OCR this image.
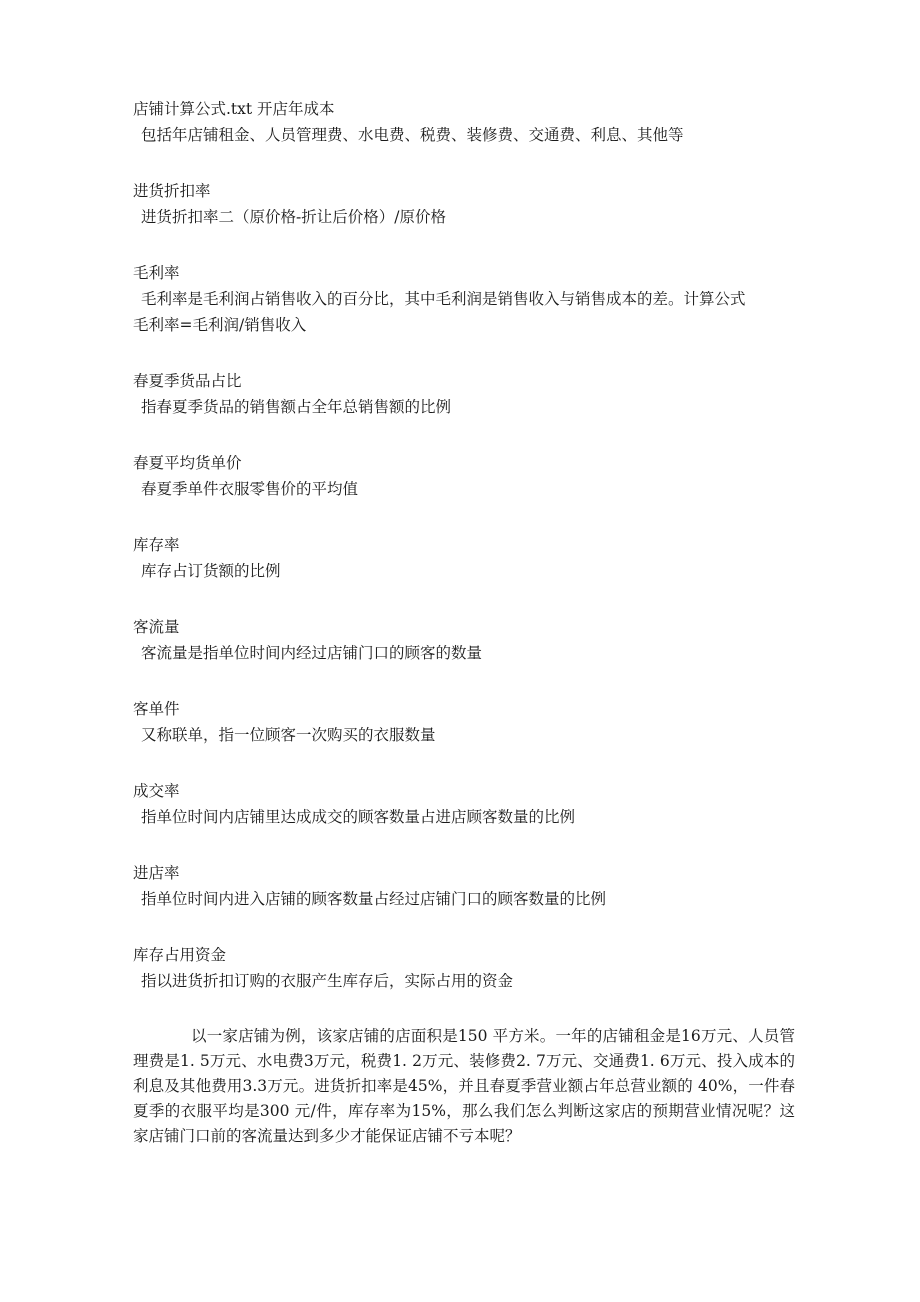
店铺计算公式.txt 开店年成本
包括年店铺租金、人员管理费、水电费、税费、装修费、交通费、利息、其他等
进货折扣率
进货折扣率二（原价格-折让后价格）/原价格
毛利率
毛利率是毛利润占销售收入的百分比，其中毛利润是销售收入与销售成本的差。计算公式
毛利率=毛利润/销售收入
春夏季货品占比
指春夏季货品的销售额占全年总销售额的比例
春夏平均货单价
春夏季单件衣服零售价的平均值
库存率
库存占订货额的比例
客流量
客流量是指单位时间内经过店铺门口的顾客的数量
客单件
又称联单，指一位顾客一次购买的衣服数量
成交率
指单位时间内店铺里达成成交的顾客数量占进店顾客数量的比例
进店率
指单位时间内进入店铺的顾客数量占经过店铺门口的顾客数量的比例
库存占用资金
指以进货折扣订购的衣服产生库存后，实际占用的资金

以一家店铺为例，该家店铺的店面积是150 平方米。一年的店铺租金是16万元、人员管理费是1. 5万元、水电费3万元，税费1. 2万元、装修费2. 7万元、交通费1. 6万元、投入成本的利息及其他费用3.3万元。进货折扣率是45%，并且春夏季营业额占年总营业额的 40%，一件春夏季的衣服平均是300 元/件，库存率为15%，那么我们怎么判断这家店的预期营业情况呢？这家店铺门口前的客流量达到多少才能保证店铺不亏本呢？
